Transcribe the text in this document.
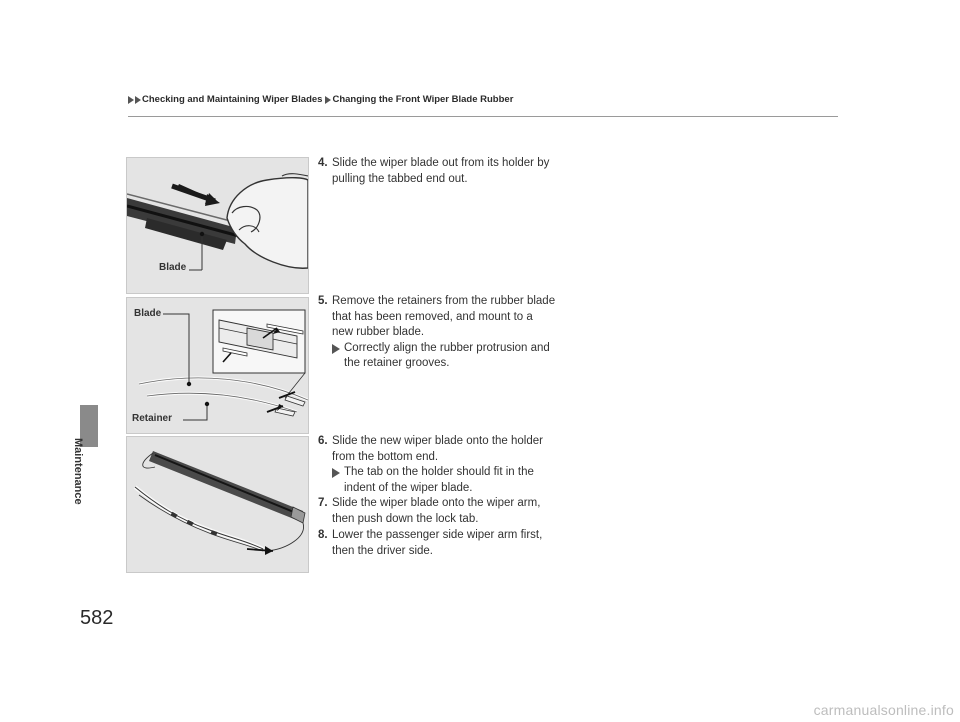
Checking and Maintaining Wiper Blades Changing the Front Wiper Blade Rubber
Maintenance
Blade
Blade
Retainer
4. Slide the wiper blade out from its holder by
pulling the tabbed end out.
5. Remove the retainers from the rubber blade
that has been removed, and mount to a
new rubber blade.
Correctly align the rubber protrusion and
the retainer grooves.
6. Slide the new wiper blade onto the holder
from the bottom end.
The tab on the holder should fit in the
indent of the wiper blade.
7. Slide the wiper blade onto the wiper arm,
then push down the lock tab.
8. Lower the passenger side wiper arm first,
then the driver side.
582
carmanualsonline.info
